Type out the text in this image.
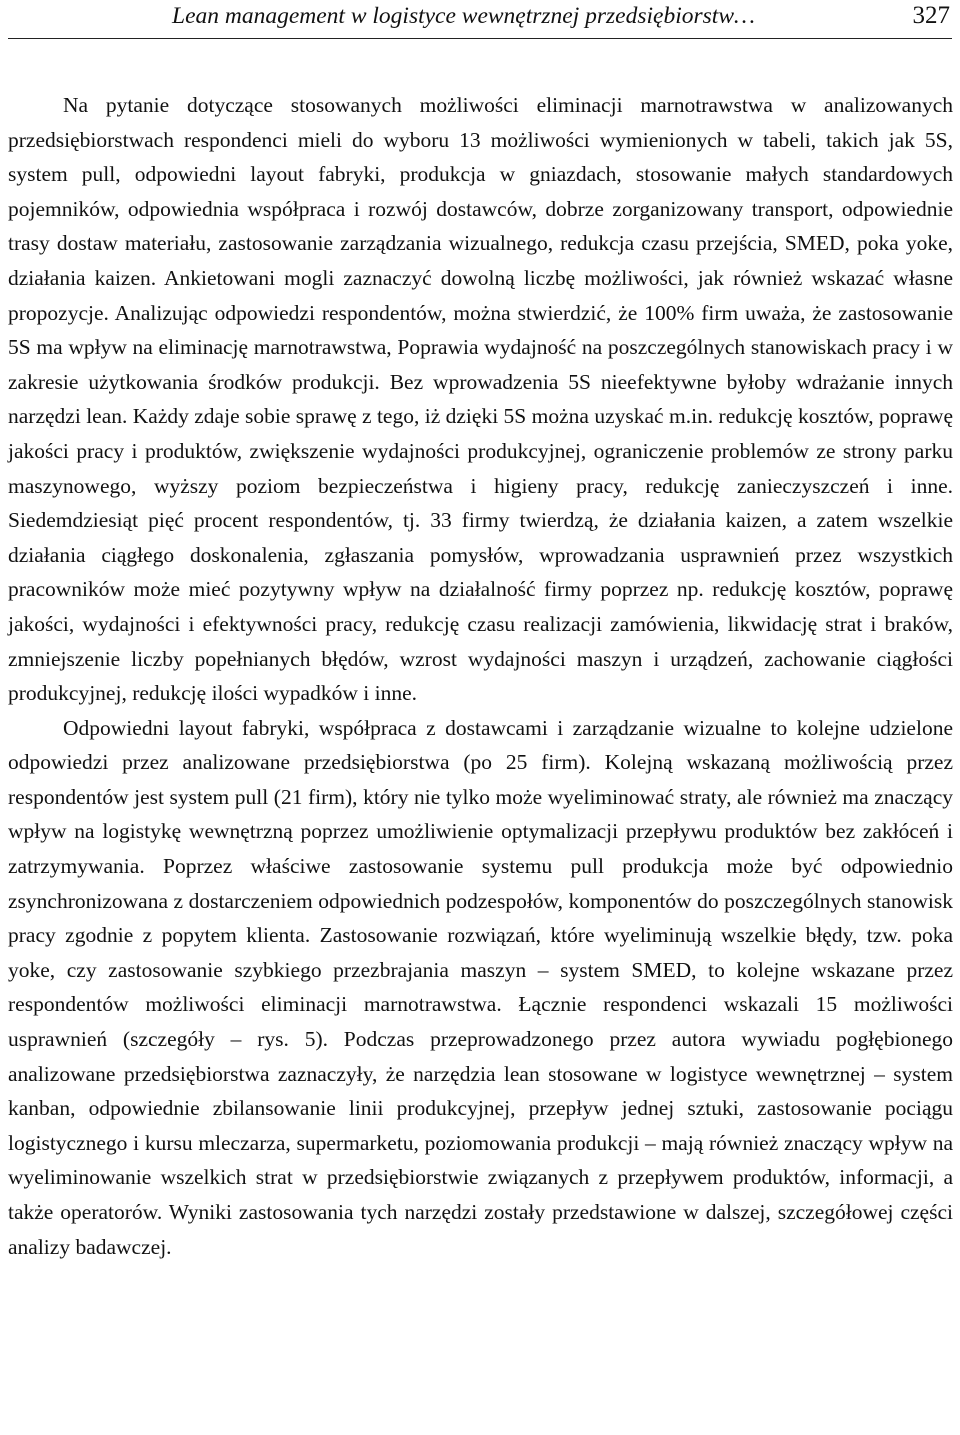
Lean management w logistyce wewnętrznej przedsiębiorstw…	327

Na pytanie dotyczące stosowanych możliwości eliminacji marnotrawstwa w analizowanych przedsiębiorstwach respondenci mieli do wyboru 13 możliwości wymienionych w tabeli, takich jak 5S, system pull, odpowiedni layout fabryki, produkcja w gniazdach, stosowanie małych standardowych pojemników, odpowiednia współpraca i rozwój dostawców, dobrze zorganizowany transport, odpowiednie trasy dostaw materiału, zastosowanie zarządzania wizualnego, redukcja czasu przejścia, SMED, poka yoke, działania kaizen. Ankietowani mogli zaznaczyć dowolną liczbę możliwości, jak również wskazać własne propozycje. Analizując odpowiedzi respondentów, można stwierdzić, że 100% firm uważa, że zastosowanie 5S ma wpływ na eliminację marnotrawstwa, Poprawia wydajność na poszczególnych stanowiskach pracy i w zakresie użytkowania środków produkcji. Bez wprowadzenia 5S nieefektywne byłoby wdrażanie innych narzędzi lean. Każdy zdaje sobie sprawę z tego, iż dzięki 5S można uzyskać m.in. redukcję kosztów, poprawę jakości pracy i produktów, zwiększenie wydajności produkcyjnej, ograniczenie problemów ze strony parku maszynowego, wyższy poziom bezpieczeństwa i higieny pracy, redukcję zanieczyszczeń i inne. Siedemdziesiąt pięć procent respondentów, tj. 33 firmy twierdzą, że działania kaizen, a zatem wszelkie działania ciągłego doskonalenia, zgłaszania pomysłów, wprowadzania usprawnień przez wszystkich pracowników może mieć pozytywny wpływ na działalność firmy poprzez np. redukcję kosztów, poprawę jakości, wydajności i efektywności pracy, redukcję czasu realizacji zamówienia, likwidację strat i braków, zmniejszenie liczby popełnianych błędów, wzrost wydajności maszyn i urządzeń, zachowanie ciągłości produkcyjnej, redukcję ilości wypadków i inne.

Odpowiedni layout fabryki, współpraca z dostawcami i zarządzanie wizualne to kolejne udzielone odpowiedzi przez analizowane przedsiębiorstwa (po 25 firm). Kolejną wskazaną możliwością przez respondentów jest system pull (21 firm), który nie tylko może wyeliminować straty, ale również ma znaczący wpływ na logistykę wewnętrzną poprzez umożliwienie optymalizacji przepływu produktów bez zakłóceń i zatrzymywania. Poprzez właściwe zastosowanie systemu pull produkcja może być odpowiednio zsynchronizowana z dostarczeniem odpowiednich podzespołów, komponentów do poszczególnych stanowisk pracy zgodnie z popytem klienta. Zastosowanie rozwiązań, które wyeliminują wszelkie błędy, tzw. poka yoke, czy zastosowanie szybkiego przezbrajania maszyn – system SMED, to kolejne wskazane przez respondentów możliwości eliminacji marnotrawstwa. Łącznie respondenci wskazali 15 możliwości usprawnień (szczegóły – rys. 5). Podczas przeprowadzonego przez autora wywiadu pogłębionego analizowane przedsiębiorstwa zaznaczyły, że narzędzia lean stosowane w logistyce wewnętrznej – system kanban, odpowiednie zbilansowanie linii produkcyjnej, przepływ jednej sztuki, zastosowanie pociągu logistycznego i kursu mleczarza, supermarketu, poziomowania produkcji – mają również znaczący wpływ na wyeliminowanie wszelkich strat w przedsiębiorstwie związanych z przepływem produktów, informacji, a także operatorów. Wyniki zastosowania tych narzędzi zostały przedstawione w dalszej, szczegółowej części analizy badawczej.
